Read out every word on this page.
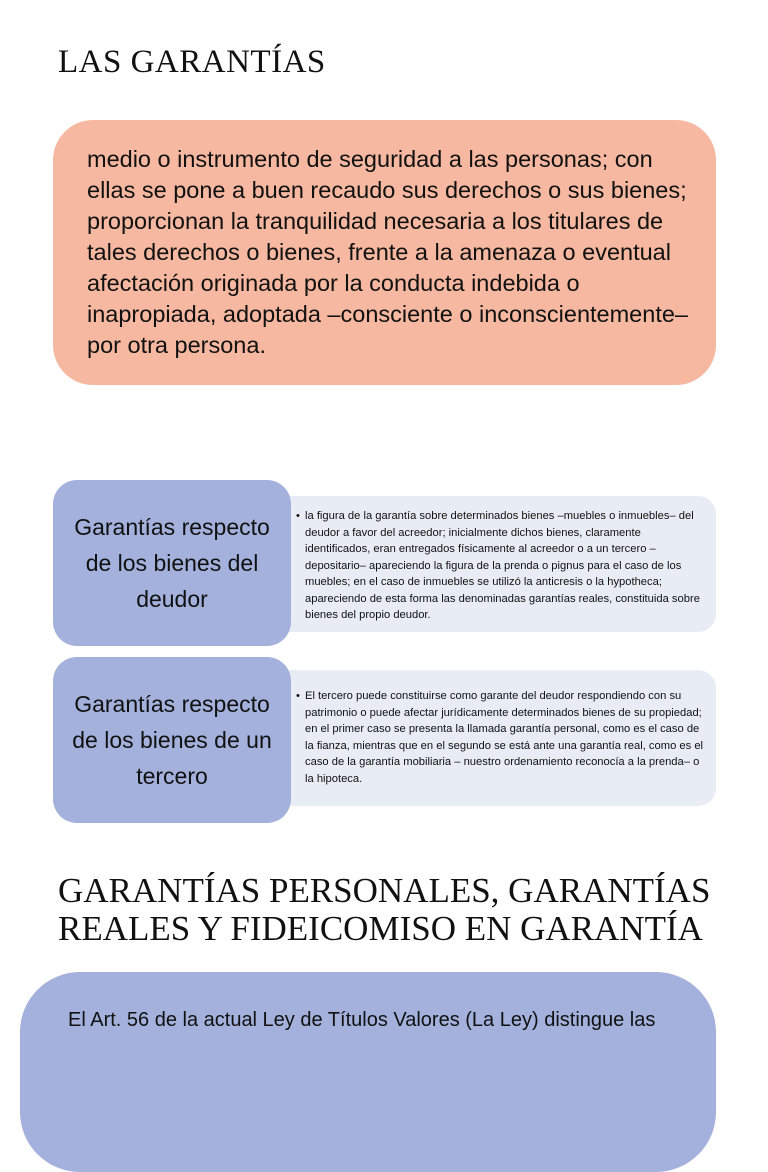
LAS GARANTÍAS
medio o instrumento de seguridad a las personas; con ellas se pone a buen recaudo sus derechos o sus bienes; proporcionan la tranquilidad necesaria a los titulares de tales derechos o bienes, frente a la amenaza o eventual afectación originada por la conducta indebida o inapropiada, adoptada –consciente o inconscientemente– por otra persona.
Garantías respecto de los bienes del deudor
• la figura de la garantía sobre determinados bienes –muebles o inmuebles– del deudor a favor del acreedor; inicialmente dichos bienes, claramente identificados, eran entregados físicamente al acreedor o a un tercero –depositario– apareciendo la figura de la prenda o pignus para el caso de los muebles; en el caso de inmuebles se utilizó la anticresis o la hypotheca; apareciendo de esta forma las denominadas garantías reales, constituida sobre bienes del propio deudor.
Garantías respecto de los bienes de un tercero
• El tercero puede constituirse como garante del deudor respondiendo con su patrimonio o puede afectar jurídicamente determinados bienes de su propiedad; en el primer caso se presenta la llamada garantía personal, como es el caso de la fianza, mientras que en el segundo se está ante una garantía real, como es el caso de la garantía mobiliaria – nuestro ordenamiento reconocía a la prenda– o la hipoteca.
GARANTÍAS PERSONALES, GARANTÍAS REALES Y FIDEICOMISO EN GARANTÍA
El Art. 56 de la actual Ley de Títulos Valores (La Ley) distingue las
